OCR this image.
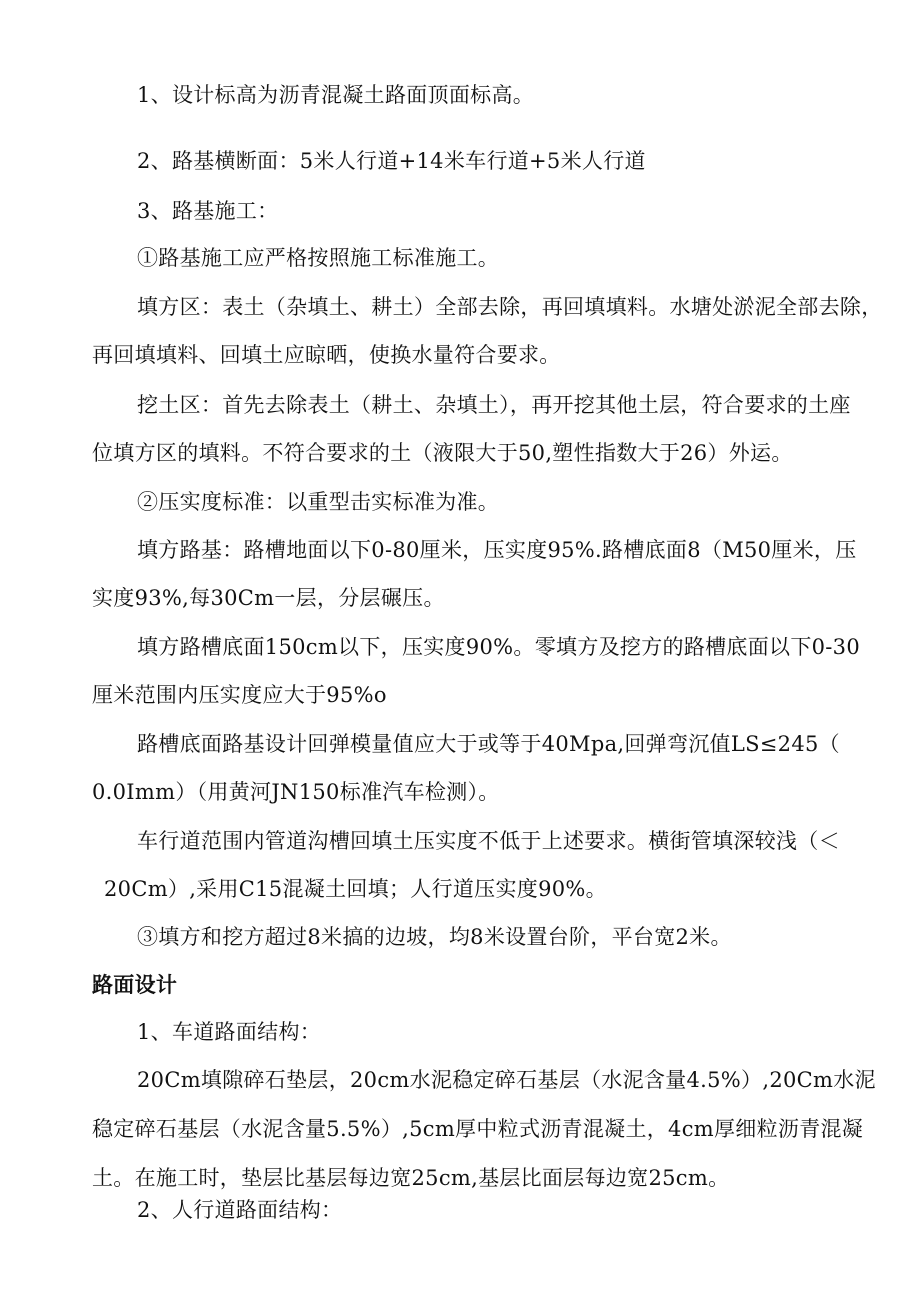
1、设计标高为沥青混凝土路面顶面标高。
2、路基横断面：5米人行道+14米车行道+5米人行道
3、路基施工：
①路基施工应严格按照施工标准施工。
填方区：表土（杂填土、耕土）全部去除，再回填填料。水塘处淤泥全部去除，
再回填填料、回填土应晾晒，使换水量符合要求。
挖土区：首先去除表土（耕土、杂填土），再开挖其他土层，符合要求的土座
位填方区的填料。不符合要求的土（液限大于50,塑性指数大于26）外运。
②压实度标准：以重型击实标准为准。
填方路基：路槽地面以下0-80厘米，压实度95%.路槽底面8（M50厘米，压
实度93%,每30Cm一层，分层碾压。
填方路槽底面150cm以下，压实度90%。零填方及挖方的路槽底面以下0-30
厘米范围内压实度应大于95%o
路槽底面路基设计回弹模量值应大于或等于40Mpa,回弹弯沉值LS≤245（
0.0Imm）（用黄河JN150标准汽车检测）。
车行道范围内管道沟槽回填土压实度不低于上述要求。横街管填深较浅（＜
20Cm）,采用C15混凝土回填；人行道压实度90%。
③填方和挖方超过8米搞的边坡，均8米设置台阶，平台宽2米。
路面设计
1、车道路面结构：
20Cm填隙碎石垫层，20cm水泥稳定碎石基层（水泥含量4.5%）,20Cm水泥
稳定碎石基层（水泥含量5.5%）,5cm厚中粒式沥青混凝土，4cm厚细粒沥青混凝
土。在施工时，垫层比基层每边宽25cm,基层比面层每边宽25cm。
2、人行道路面结构：
